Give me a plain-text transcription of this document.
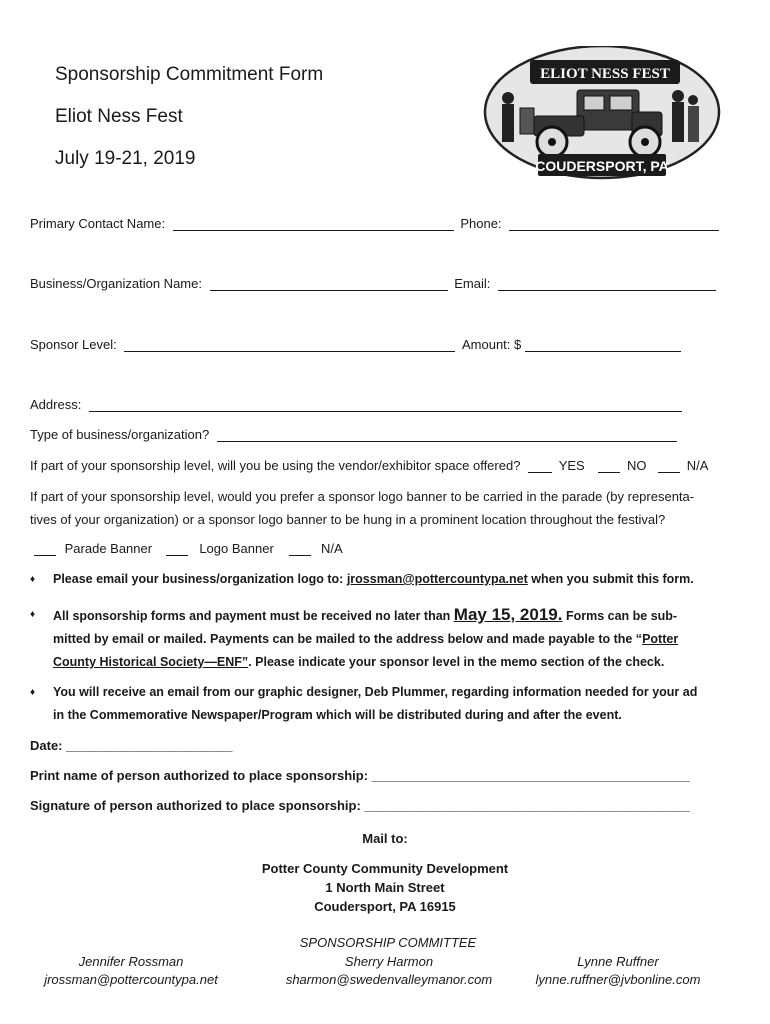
Sponsorship Commitment Form
Eliot Ness Fest
July 19-21, 2019
ELIOT NESS FEST
COUDERSPORT, PA
Primary Contact Name:	Phone:
Business/Organization Name:	Email:
Sponsor Level:	Amount: $
Address:
Type of business/organization?
If part of your sponsorship level, will you be using the vendor/exhibitor space offered?	YES	NO	N/A
If part of your sponsorship level, would you prefer a sponsor logo banner to be carried in the parade (by representa-
tives of your organization) or a sponsor logo banner to be hung in a prominent location throughout the festival?
Parade Banner	Logo Banner	N/A
♦ Please email your business/organization logo to: jrossman@pottercountypa.net when you submit this form.
♦ All sponsorship forms and payment must be received no later than May 15, 2019. Forms can be sub-
mitted by email or mailed. Payments can be mailed to the address below and made payable to the “Potter
County Historical Society—ENF”. Please indicate your sponsor level in the memo section of the check.
♦ You will receive an email from our graphic designer, Deb Plummer, regarding information needed for your ad
in the Commemorative Newspaper/Program which will be distributed during and after the event.
Date: _______________________
Print name of person authorized to place sponsorship: ____________________________________________
Signature of person authorized to place sponsorship: _____________________________________________
Mail to:
Potter County Community Development
1 North Main Street
Coudersport, PA 16915
SPONSORSHIP COMMITTEE
Jennifer Rossman
jrossman@pottercountypa.net
Sherry Harmon
sharmon@swedenvalleymanor.com
Lynne Ruffner
lynne.ruffner@jvbonline.com
